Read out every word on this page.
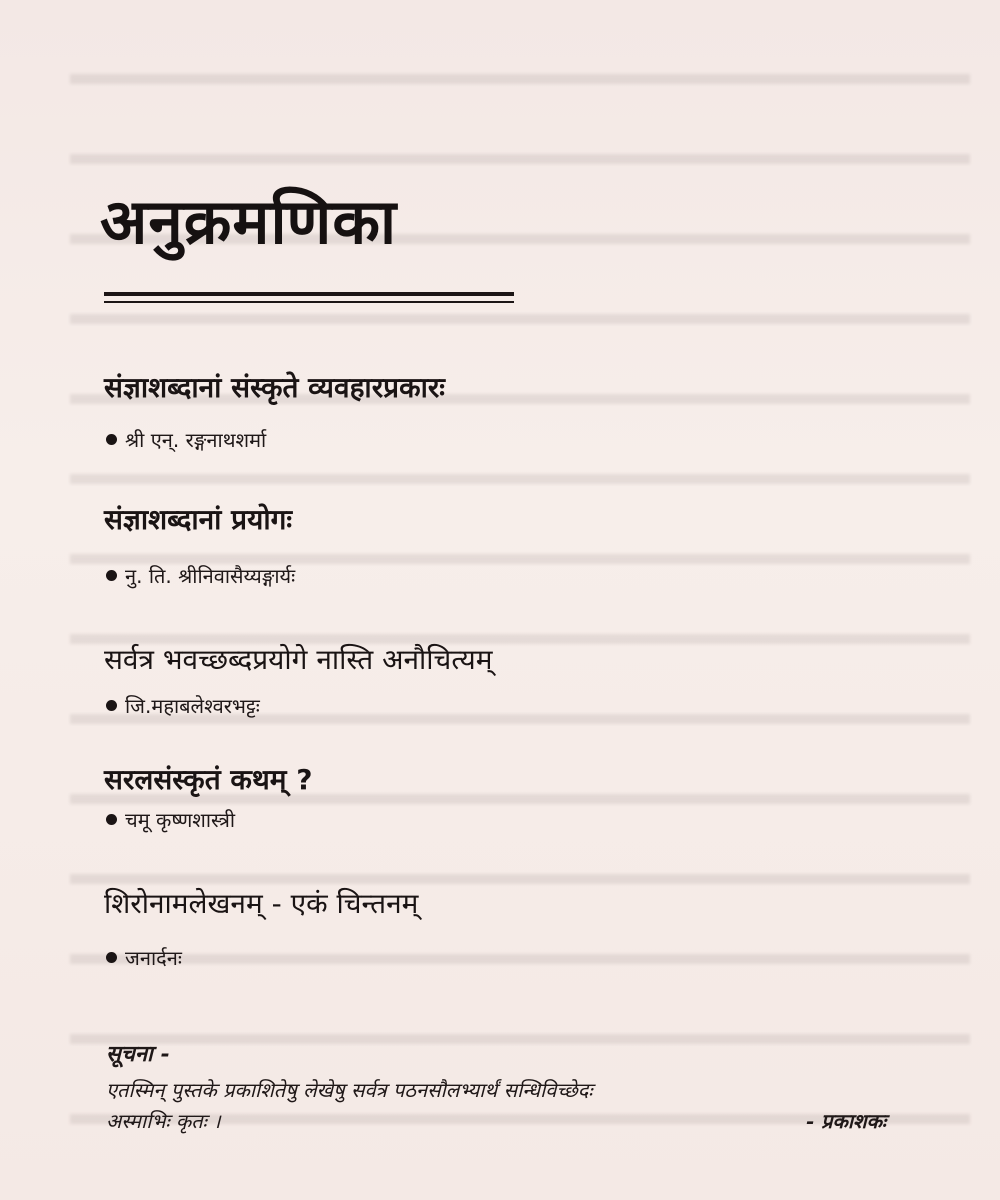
अनुक्रमणिका
संज्ञाशब्दानां संस्कृते व्यवहारप्रकारः
श्री एन्. रङ्गनाथशर्मा
संज्ञाशब्दानां प्रयोगः
नु. ति. श्रीनिवासैय्यङ्गार्यः
सर्वत्र भवच्छब्दप्रयोगे नास्ति अनौचित्यम्
जि.महाबलेश्वरभट्टः
सरलसंस्कृतं कथम् ?
चमू कृष्णशास्त्री
शिरोनामलेखनम् - एकं चिन्तनम्
जनार्दनः

सूचना -

एतस्मिन् पुस्तके प्रकाशितेषु लेखेषु सर्वत्र पठनसौलभ्यार्थं सन्धिविच्छेदः

अस्माभिः कृतः ।	- प्रकाशकः
